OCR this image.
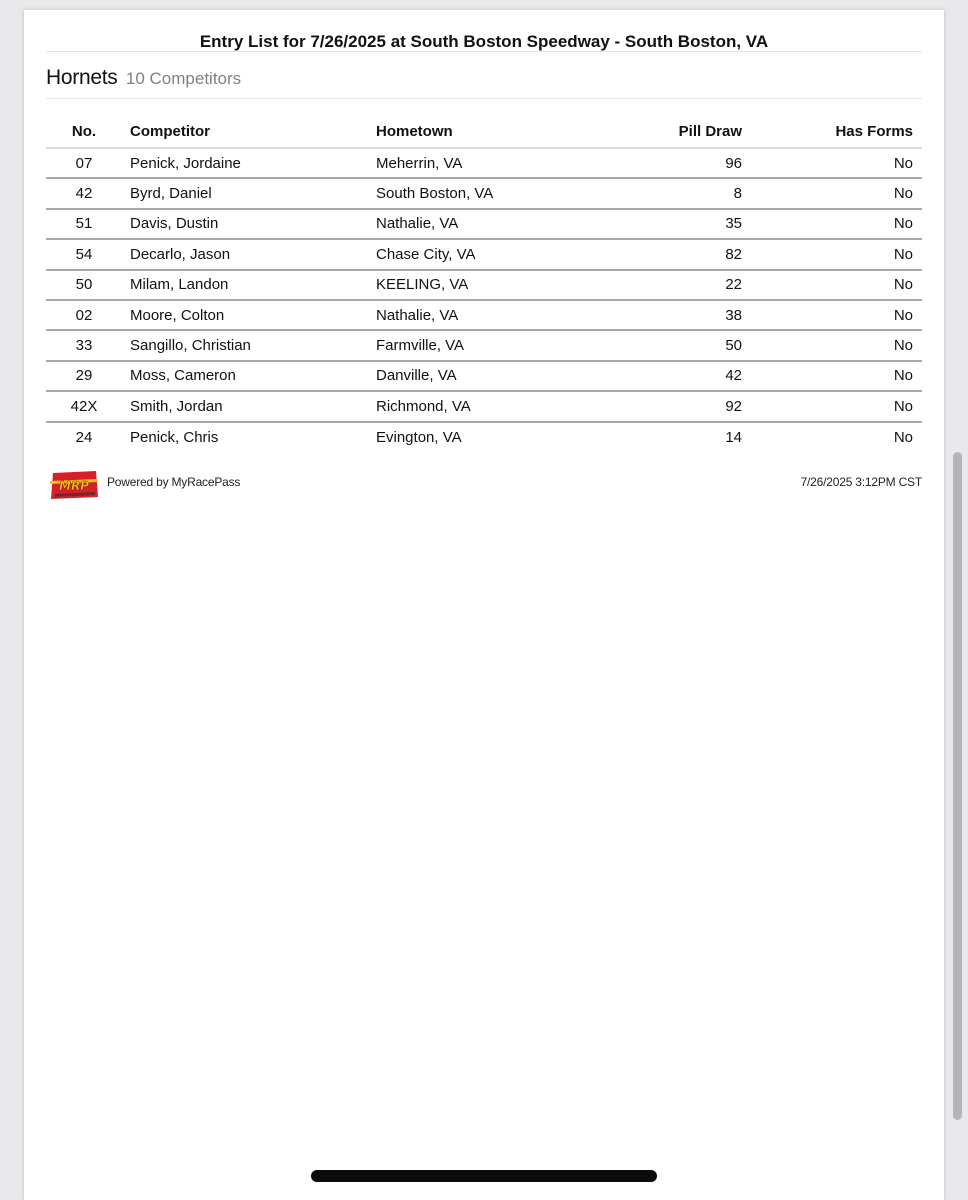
Entry List for 7/26/2025 at South Boston Speedway - South Boston, VA
Hornets 10 Competitors
No.	Competitor	Hometown	Pill Draw	Has Forms
07	Penick, Jordaine	Meherrin, VA	96	No
42	Byrd, Daniel	South Boston, VA	8	No
51	Davis, Dustin	Nathalie, VA	35	No
54	Decarlo, Jason	Chase City, VA	82	No
50	Milam, Landon	KEELING, VA	22	No
02	Moore, Colton	Nathalie, VA	38	No
33	Sangillo, Christian	Farmville, VA	50	No
29	Moss, Cameron	Danville, VA	42	No
42X	Smith, Jordan	Richmond, VA	92	No
24	Penick, Chris	Evington, VA	14	No
MRP Powered by MyRacePass	7/26/2025 3:12PM CST
